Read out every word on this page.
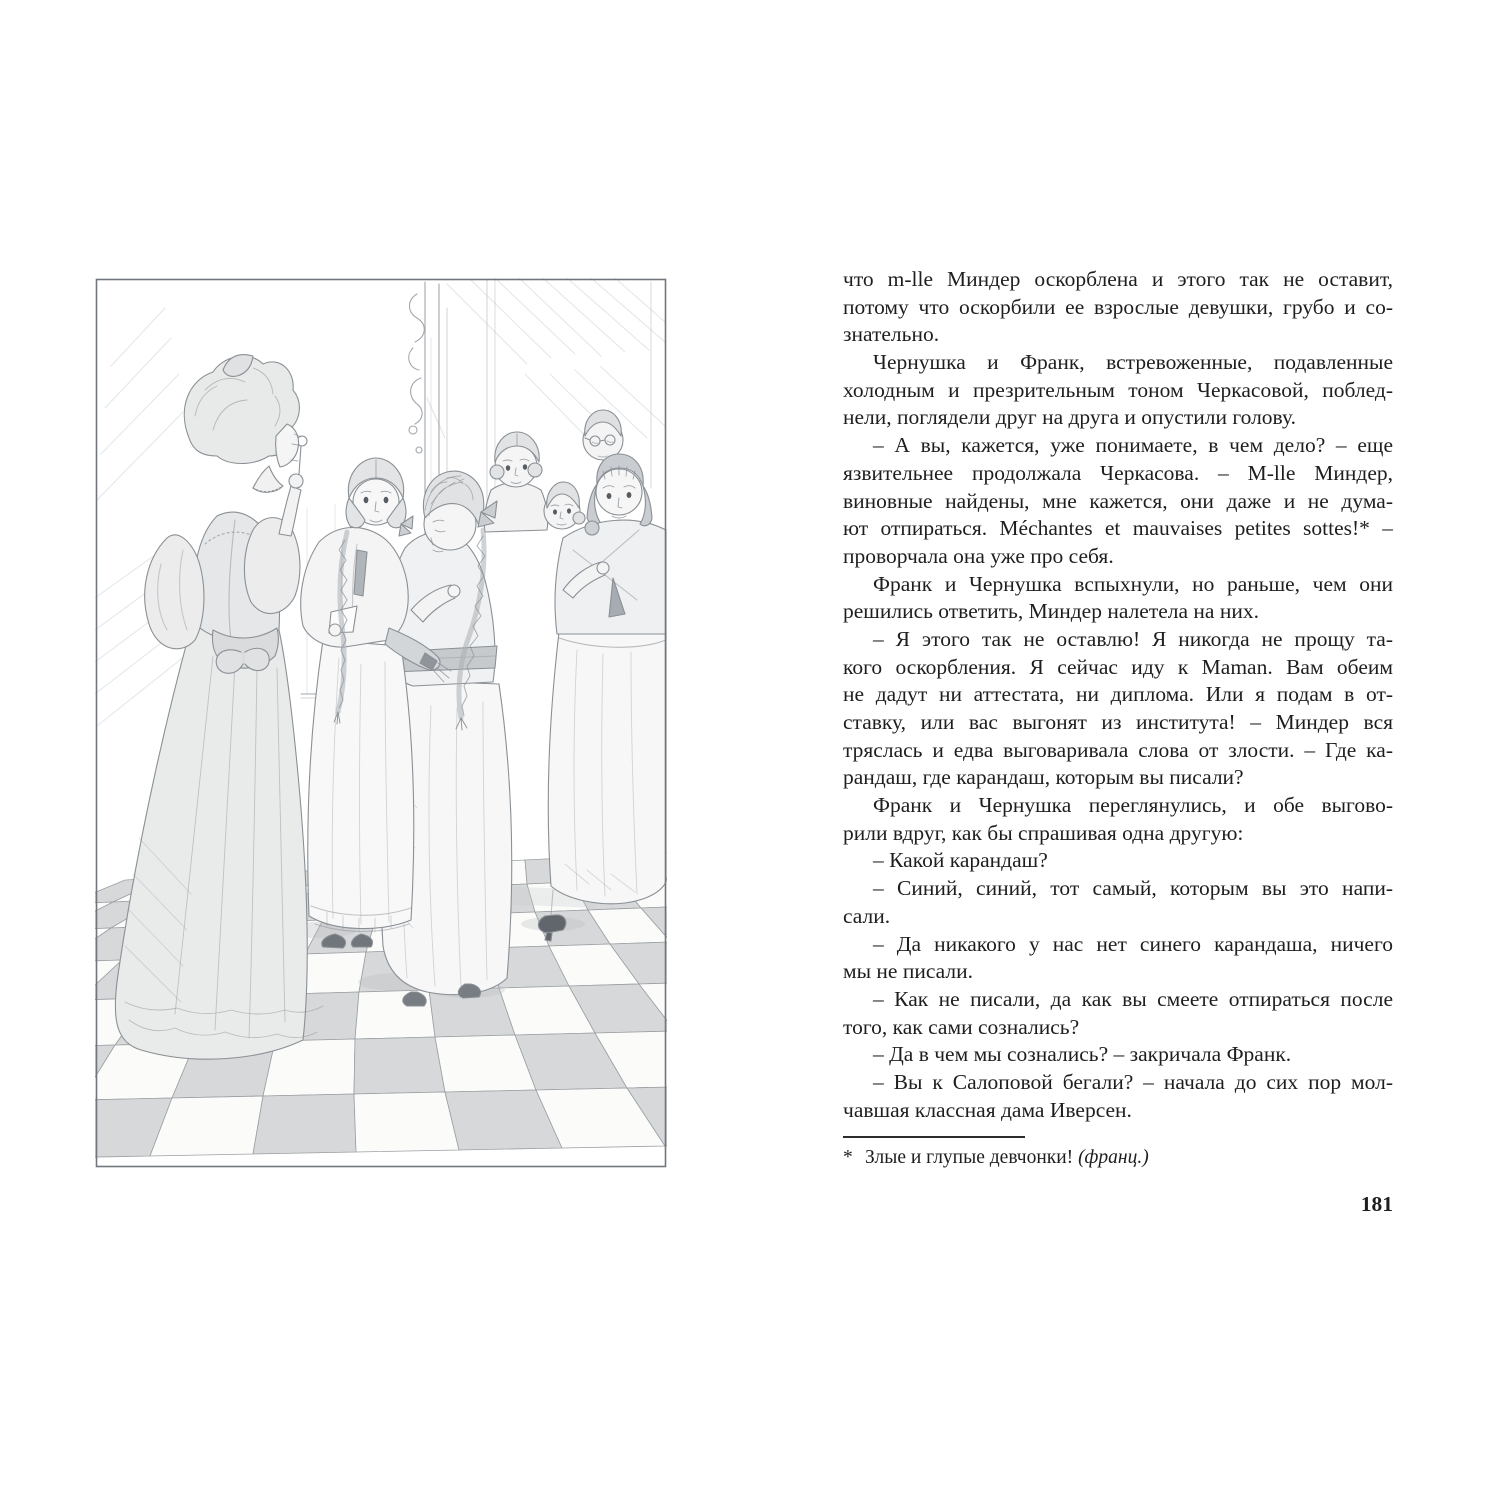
что m-lle Миндер оскорблена и этого так не оставит,
потому что оскорбили ее взрослые девушки, грубо и со-
знательно.
Чернушка и Франк, встревоженные, подавленные
холодным и презрительным тоном Черкасовой, поблед-
нели, поглядели друг на друга и опустили голову.
– А вы, кажется, уже понимаете, в чем дело? – еще
язвительнее продолжала Черкасова. – M-lle Миндер,
виновные найдены, мне кажется, они даже и не дума-
ют отпираться. Méchantes et mauvaises petites sottes!* –
проворчала она уже про себя.
Франк и Чернушка вспыхнули, но раньше, чем они
решились ответить, Миндер налетела на них.
– Я этого так не оставлю! Я никогда не прощу та-
кого оскорбления. Я сейчас иду к Maman. Вам обеим
не дадут ни аттестата, ни диплома. Или я подам в от-
ставку, или вас выгонят из института! – Миндер вся
тряслась и едва выговаривала слова от злости. – Где ка-
рандаш, где карандаш, которым вы писали?
Франк и Чернушка переглянулись, и обе выгово-
рили вдруг, как бы спрашивая одна другую:
– Какой карандаш?
– Синий, синий, тот самый, которым вы это напи-
сали.
– Да никакого у нас нет синего карандаша, ничего
мы не писали.
– Как не писали, да как вы смеете отпираться после
того, как сами сознались?
– Да в чем мы сознались? – закричала Франк.
– Вы к Салоповой бегали? – начала до сих пор мол-
чавшая классная дама Иверсен.
* Злые и глупые девчонки! (франц.)
181
